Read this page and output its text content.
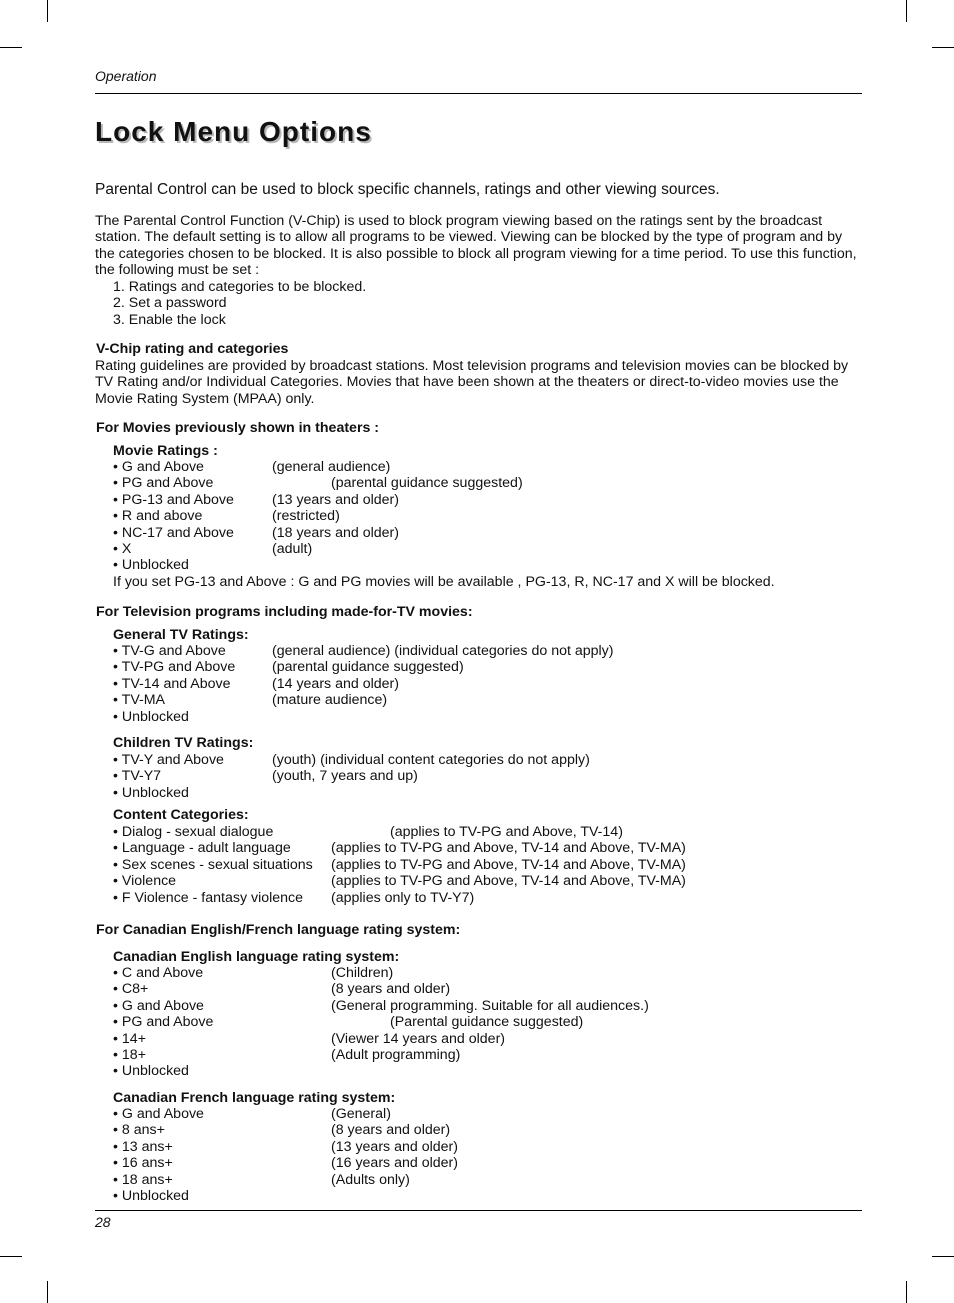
Operation
Lock Menu Options
Parental Control can be used to block specific channels, ratings and other viewing sources.
The Parental Control Function (V-Chip) is used to block program viewing based on the ratings sent by the broadcast station. The default setting is to allow all programs to be viewed. Viewing can be blocked by the type of program and by the categories chosen to be blocked. It is also possible to block all program viewing for a time period. To use this function, the following must be set :
1. Ratings and categories to be blocked.
2. Set a password
3. Enable the lock
V-Chip rating and categories
Rating guidelines are provided by broadcast stations. Most television programs and television movies can be blocked by TV Rating and/or Individual Categories. Movies that have been shown at the theaters or direct-to-video movies use the Movie Rating System (MPAA) only.
For Movies previously shown in theaters :
Movie Ratings :
• G and Above	(general audience)
• PG and Above	(parental guidance suggested)
• PG-13 and Above	(13 years and older)
• R and above	(restricted)
• NC-17 and Above	(18 years and older)
• X	(adult)
• Unblocked
If you set PG-13 and Above : G and PG movies will be available , PG-13, R, NC-17 and X will be blocked.
For Television programs including made-for-TV movies:
General TV Ratings:
• TV-G and Above	(general audience) (individual categories do not apply)
• TV-PG and Above	(parental guidance suggested)
• TV-14 and Above	(14 years and older)
• TV-MA	(mature audience)
• Unblocked
Children TV Ratings:
• TV-Y and Above	(youth) (individual content categories do not apply)
• TV-Y7	(youth, 7 years and up)
• Unblocked
Content Categories:
• Dialog - sexual dialogue	(applies to TV-PG and Above, TV-14)
• Language - adult language	(applies to TV-PG and Above, TV-14 and Above, TV-MA)
• Sex scenes - sexual situations (applies to TV-PG and Above, TV-14 and Above, TV-MA)
• Violence	(applies to TV-PG and Above, TV-14 and Above, TV-MA)
• F Violence - fantasy violence (applies only to TV-Y7)
For Canadian English/French language rating system:
Canadian English language rating system:
• C and Above	(Children)
• C8+	(8 years and older)
• G and Above	(General programming. Suitable for all audiences.)
• PG and Above	(Parental guidance suggested)
• 14+	(Viewer 14 years and older)
• 18+	(Adult programming)
• Unblocked
Canadian French language rating system:
• G and Above	(General)
• 8 ans+	(8 years and older)
• 13 ans+	(13 years and older)
• 16 ans+	(16 years and older)
• 18 ans+	(Adults only)
• Unblocked
28
